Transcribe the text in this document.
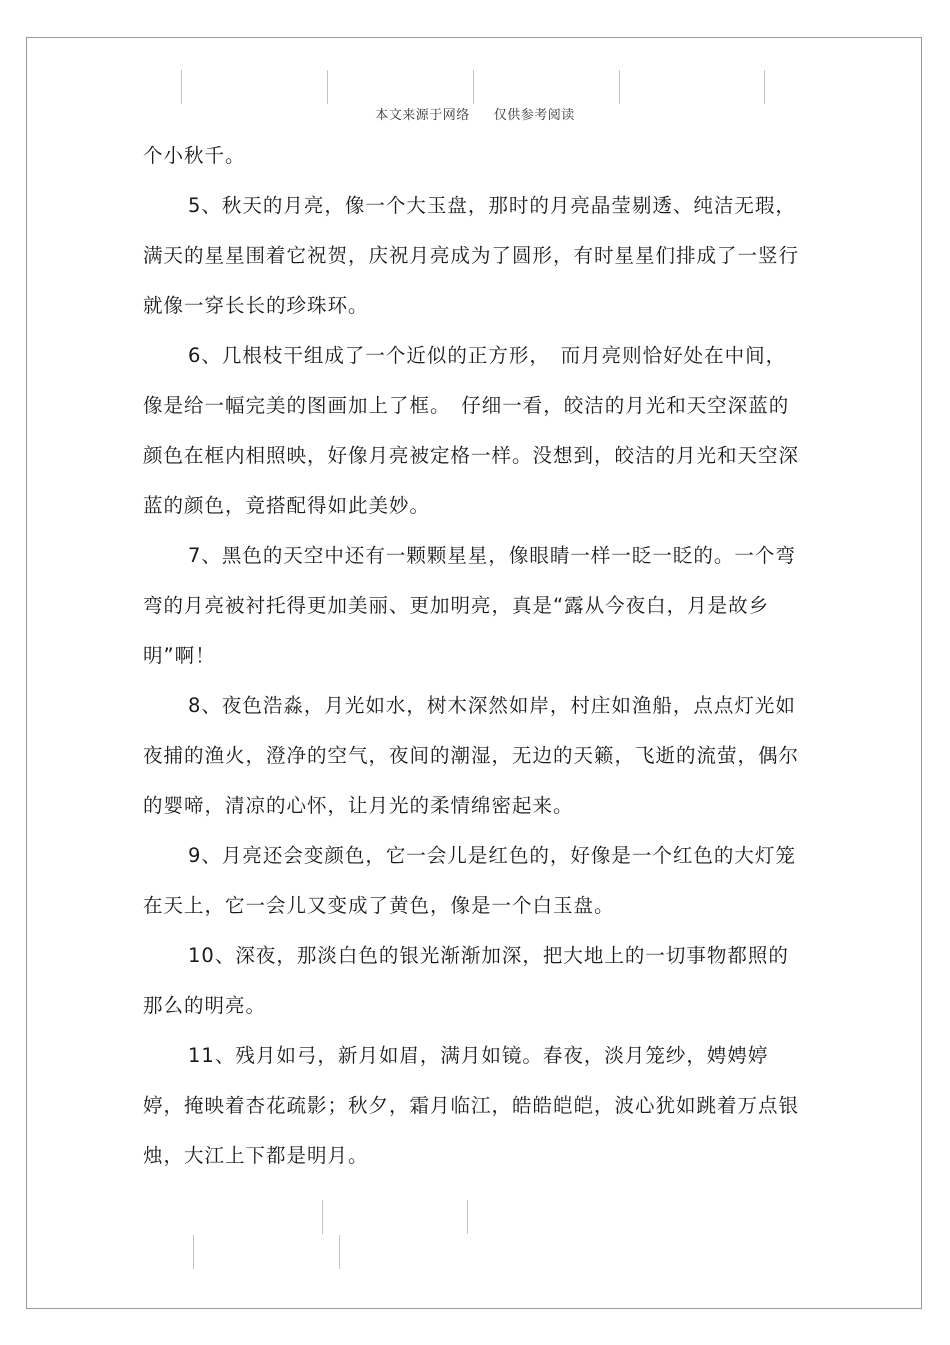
本文来源于网络 仅供参考阅读

个小秋千。

5、秋天的月亮，像一个大玉盘，那时的月亮晶莹剔透、纯洁无瑕，满天的星星围着它祝贺，庆祝月亮成为了圆形，有时星星们排成了一竖行就像一穿长长的珍珠环。

6、几根枝干组成了一个近似的正方形，　而月亮则恰好处在中间，像是给一幅完美的图画加上了框。　仔细一看，皎洁的月光和天空深蓝的颜色在框内相照映，好像月亮被定格一样。没想到，皎洁的月光和天空深蓝的颜色，竟搭配得如此美妙。

7、黑色的天空中还有一颗颗星星，像眼睛一样一眨一眨的。一个弯弯的月亮被衬托得更加美丽、更加明亮，真是“露从今夜白，月是故乡明”啊！

8、夜色浩淼，月光如水，树木深然如岸，村庄如渔船，点点灯光如夜捕的渔火，澄净的空气，夜间的潮湿，无边的天籁，飞逝的流萤，偶尔的婴啼，清凉的心怀，让月光的柔情绵密起来。

9、月亮还会变颜色，它一会儿是红色的，好像是一个红色的大灯笼在天上，它一会儿又变成了黄色，像是一个白玉盘。

10、深夜，那淡白色的银光渐渐加深，把大地上的一切事物都照的那么的明亮。

11、残月如弓，新月如眉，满月如镜。春夜，淡月笼纱，娉娉婷婷，掩映着杏花疏影；秋夕，霜月临江，皓皓皑皑，波心犹如跳着万点银烛，大江上下都是明月。
